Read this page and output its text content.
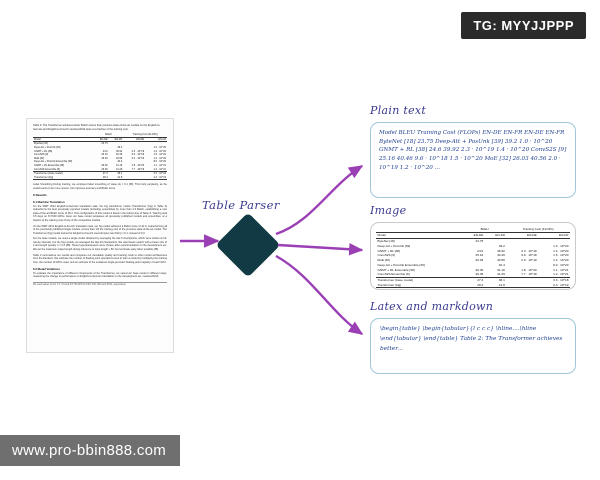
TG: MYYJJPPP
www.pro-bbin888.com
Table 3: The Transformer achieves better BLEU scores than previous state-of-the-art models on the English-to-German and English-to-French newstest2014 tests at a fraction of the training cost.
	BLEU		Training Cost (FLOPs)	
Model	EN-DE	EN-FR	EN-DE	EN-FR
ByteNet [18]	23.75			
Deep-Att + PosUnk [39]		39.2		1.0 · 10^20
GNMT + RL [38]	24.6	39.92	2.3 · 10^19	1.4 · 10^20
ConvS2S [9]	25.16	40.46	9.6 · 10^18	1.5 · 10^20
MoE [32]	26.03	40.56	2.0 · 10^19	1.2 · 10^20
Deep-Att + PosUnk Ensemble [39]		40.4		8.0 · 10^20
GNMT + RL Ensemble [38]	26.30	41.16	1.8 · 10^20	1.1 · 10^21
ConvS2S Ensemble [9]	26.36	41.29	7.7 · 10^19	1.2 · 10^21
Transformer (base model)	27.3	38.1		3.3 · 10^18
Transformer (big)	28.4	41.8		2.3 · 10^19
Label Smoothing During training, we employed label smoothing of value εls = 0.1 [36]. This hurts perplexity, as the model learns to be more unsure, but improves accuracy and BLEU score.
6 Results
6.1 Machine Translation
On the WMT 2014 English-to-German translation task, the big transformer model (Transformer (big) in Table 3) outperforms the best previously reported models (including ensembles) by more than 2.0 BLEU, establishing a new state-of-the-art BLEU score of 28.4. This configuration of this model is listed in the bottom line of Table 3. Training took 3.5 days on 8 P100 GPUs. Even our base model surpasses all previously published models and ensembles, at a fraction of the training cost of any of the competitive models.
On the WMT 2014 English-to-French translation task, our big model achieves a BLEU score of 41.0, outperforming all of the previously published single models, at less than 1/4 the training cost of the previous state-of-the-art model. The Transformer (big) model trained for English-to-French used dropout rate Pdrop = 0.1, instead of 0.3.
For the base models, we used a single model obtained by averaging the last 5 checkpoints, which were written at 10-minute intervals. For the big models, we averaged the last 20 checkpoints. We used beam search with a beam size of 4 and length penalty α = 0.6 [38]. These hyperparameters were chosen after experimentation on the development set. We set the maximum output length during inference to input length + 50, but terminate early when possible [38].
Table 2 summarizes our results and compares our translation quality and training costs to other model architectures from the literature. We estimate the number of floating point operations used to train a model by multiplying the training time, the number of GPUs used, and an estimate of the sustained single-precision floating-point capacity of each GPU.
6.2 Model Variations
To evaluate the importance of different components of the Transformer, we varied our base model in different ways, measuring the change in performance on English-to-German translation on the development set, newstest2013.
We used values of 2.8, 3.7, 6.0 and 9.5 TFLOPS for K80, K40, M40 and P100, respectively.
Table Parser
Plain text
Model BLEU Training Cost (FLOPs) EN-DE EN-FR EN-DE EN-FR ByteNet [18] 23.75 Deep-Att + PosUnk [39] 39.2 1.0 · 10^20 GNMT + RL [38] 24.6 39.92 2.3 · 10^19 1.4 · 10^20 ConvS2S [9] 25.16 40.46 9.6 · 10^18 1.5 · 10^20 MoE [32] 26.03 40.56 2.0 · 10^19 1.2 · 10^20 ...
Image
	BLEU		Training Cost (FLOPs)	
Model	EN-DE	EN-FR	EN-DE	EN-FR
ByteNet [18]	23.75			
Deep-Att + PosUnk [39]		39.2		1.0 · 10^20
GNMT + RL [38]	24.6	39.92	2.3 · 10^19	1.4 · 10^20
ConvS2S [9]	25.16	40.46	9.6 · 10^18	1.5 · 10^20
MoE [32]	26.03	40.56	2.0 · 10^19	1.2 · 10^20
Deep-Att + PosUnk Ensemble [39]		40.4		8.0 · 10^20
GNMT + RL Ensemble [38]	26.30	41.16	1.8 · 10^20	1.1 · 10^21
ConvS2S Ensemble [9]	26.36	41.29	7.7 · 10^19	1.2 · 10^21
Transformer (base model)	27.3	38.1		3.3 · 10^18
Transformer (big)	28.4	41.8		2.3 · 10^19
Latex and markdown
\begin{table} \begin{tabular}{l c c c} \hline....\hline \end{tabular} \end{table} Table 2: The Transformer achieves better...
